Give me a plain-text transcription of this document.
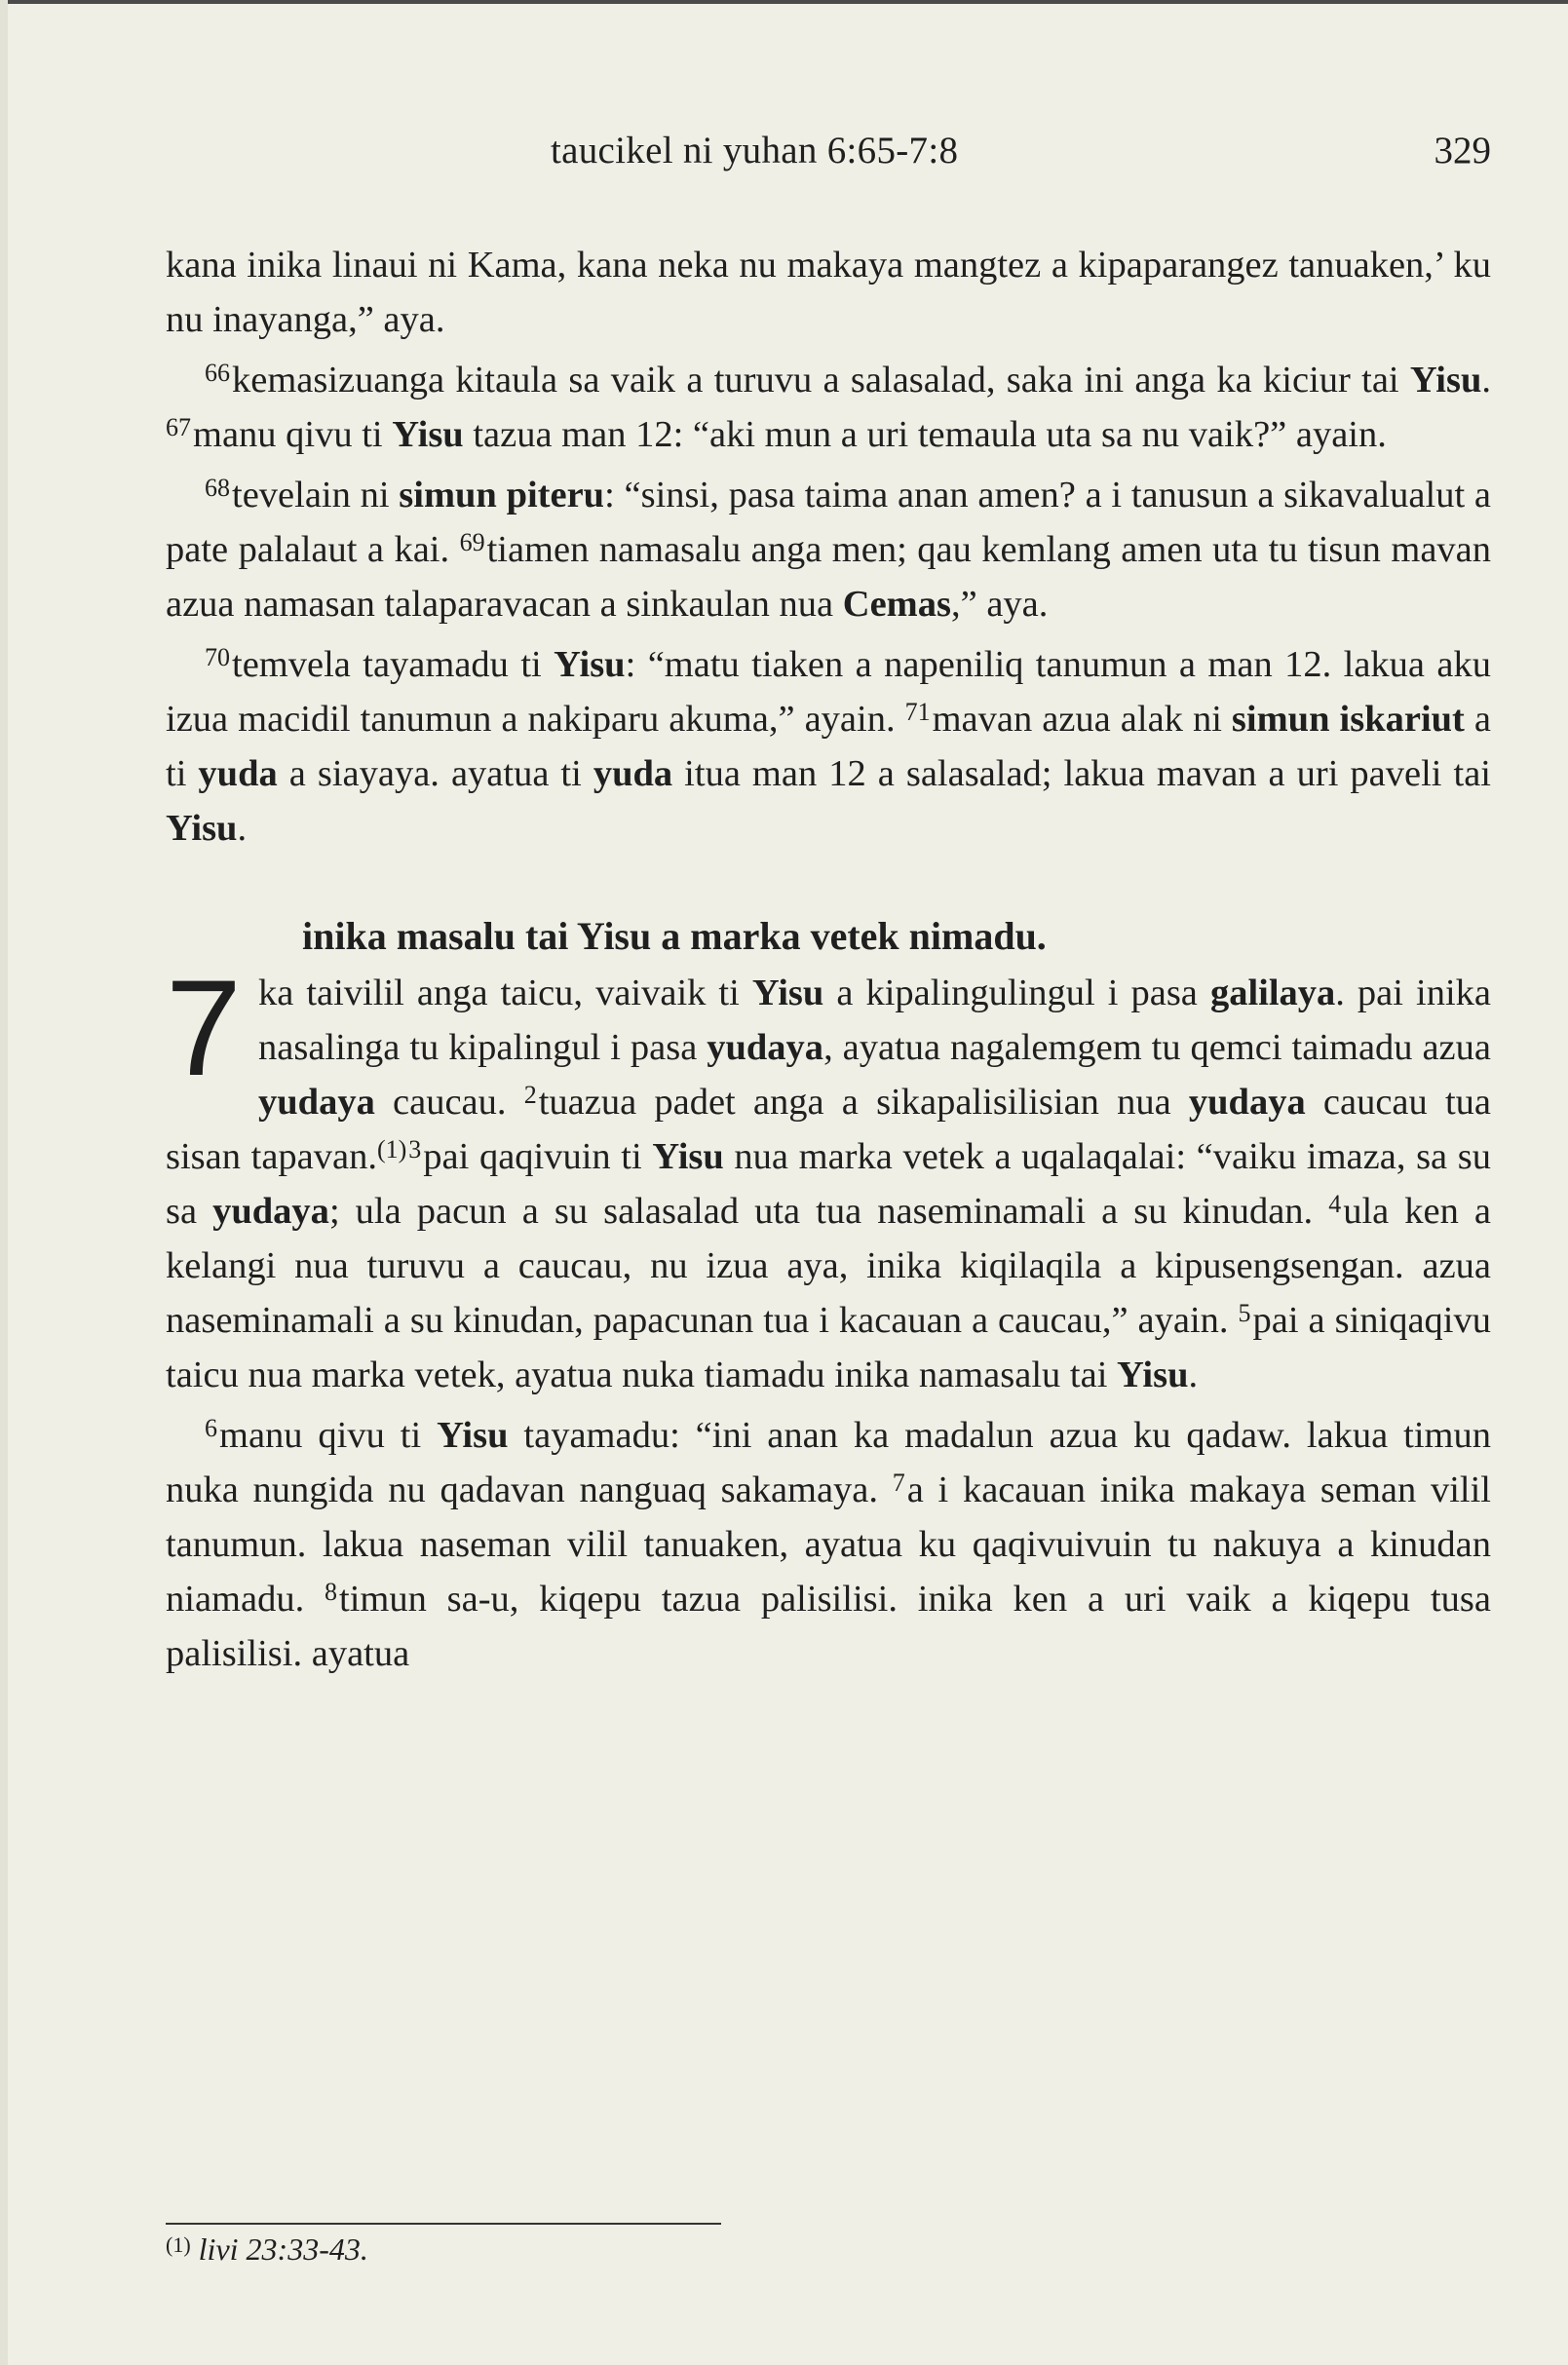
taucikel ni yuhan 6:65-7:8	329

kana inika linaui ni Kama, kana neka nu makaya mangtez a kipaparangez tanuaken,’ ku nu inayanga,” aya.

$^{66}$kemasizuanga kitaula sa vaik a turuvu a salasalad, saka ini anga ka kiciur tai Yisu. $^{67}$manu qivu ti Yisu tazua man 12: “aki mun a uri temaula uta sa nu vaik?” ayain.

$^{68}$tevelain ni simun piteru: “sinsi, pasa taima anan amen? a i tanusun a sikavalualut a pate palalaut a kai. $^{69}$tiamen namasalu anga men; qau kemlang amen uta tu tisun mavan azua namasan talaparavacan a sinkaulan nua Cemas,” aya.

$^{70}$temvela tayamadu ti Yisu: “matu tiaken a napeniliq tanumun a man 12. lakua aku izua macidil tanumun a nakiparu akuma,” ayain. $^{71}$mavan azua alak ni simun iskariut a ti yuda a siayaya. ayatua ti yuda itua man 12 a salasalad; lakua mavan a uri paveli tai Yisu.

inika masalu tai Yisu a marka vetek nimadu.
7 ka taivilil anga taicu, vaivaik ti Yisu a kipalingulingul i pasa galilaya. pai inika nasalinga tu kipalingul i pasa yudaya, ayatua nagalemgem tu qemci taimadu azua yudaya caucau. $^2$tuazua padet anga a sikapalisilisian nua yudaya caucau tua sisan tapavan.$^{(1)3}$pai qaqivuin ti Yisu nua marka vetek a uqalaqalai: “vaiku imaza, sa su sa yudaya; ula pacun a su salasalad uta tua naseminamali a su kinudan. $^4$ula ken a kelangi nua turuvu a caucau, nu izua aya, inika kiqilaqila a kipusengsengan. azua naseminamali a su kinudan, papacunan tua i kacauan a caucau,” ayain. $^5$pai a siniqaqivu taicu nua marka vetek, ayatua nuka tiamadu inika namasalu tai Yisu.

$^6$manu qivu ti Yisu tayamadu: “ini anan ka madalun azua ku qadaw. lakua timun nuka nungida nu qadavan nanguaq sakamaya. $^7$a i kacauan inika makaya seman vilil tanumun. lakua naseman vilil tanuaken, ayatua ku qaqivuivuin tu nakuya a kinudan niamadu. $^8$timun sa-u, kiqepu tazua palisilisi. inika ken a uri vaik a kiqepu tusa palisilisi. ayatua

$^{(1)}$ livi 23:33-43.
